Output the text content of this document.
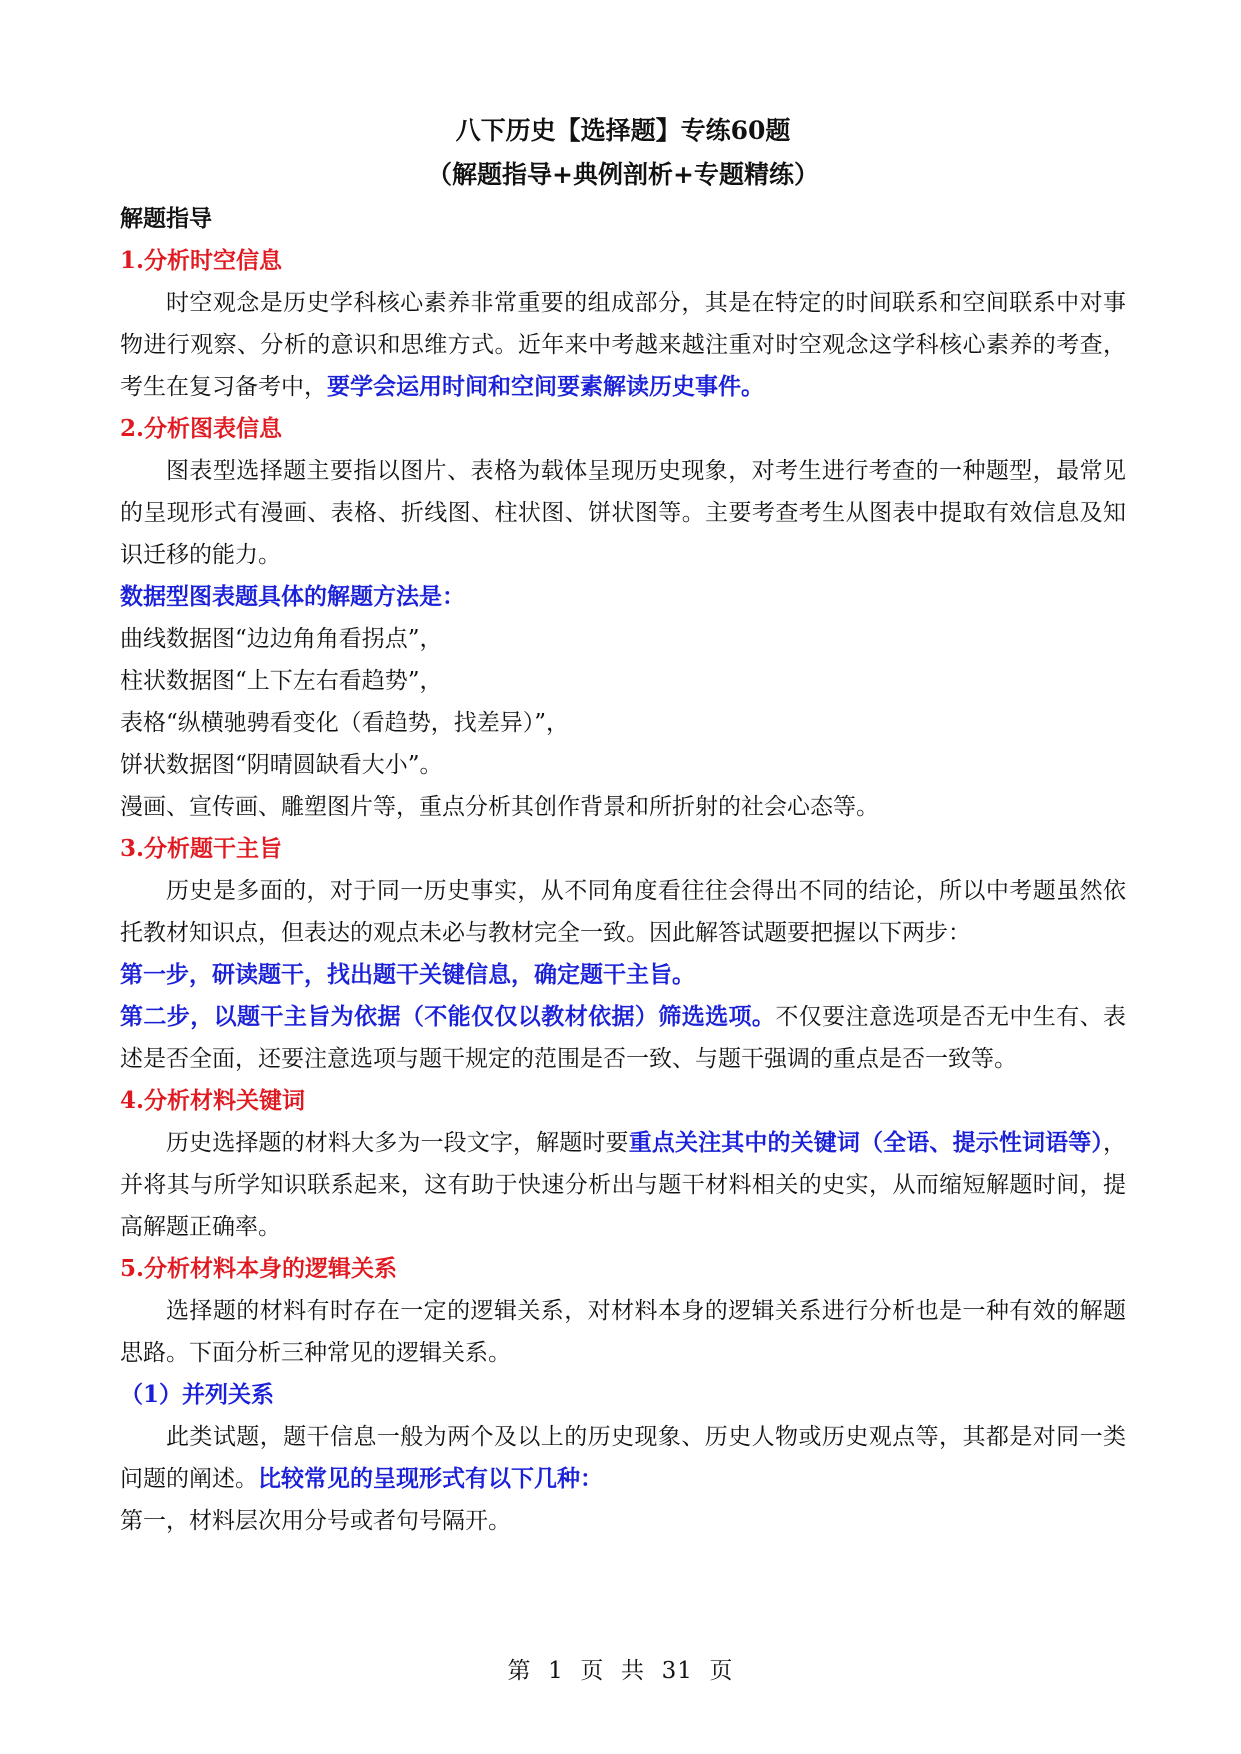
八下历史【选择题】专练60题

（解题指导+典例剖析+专题精练）

解题指导

1.分析时空信息

时空观念是历史学科核心素养非常重要的组成部分，其是在特定的时间联系和空间联系中对事物进行观察、分析的意识和思维方式。近年来中考越来越注重对时空观念这学科核心素养的考查，考生在复习备考中，要学会运用时间和空间要素解读历史事件。

2.分析图表信息

图表型选择题主要指以图片、表格为载体呈现历史现象，对考生进行考查的一种题型，最常见的呈现形式有漫画、表格、折线图、柱状图、饼状图等。主要考查考生从图表中提取有效信息及知识迁移的能力。

数据型图表题具体的解题方法是：

曲线数据图“边边角角看拐点”，

柱状数据图“上下左右看趋势”，

表格“纵横驰骋看变化（看趋势，找差异）”，

饼状数据图“阴晴圆缺看大小”。

漫画、宣传画、雕塑图片等，重点分析其创作背景和所折射的社会心态等。

3.分析题干主旨

历史是多面的，对于同一历史事实，从不同角度看往往会得出不同的结论，所以中考题虽然依托教材知识点，但表达的观点未必与教材完全一致。因此解答试题要把握以下两步：

第一步，研读题干，找出题干关键信息，确定题干主旨。

第二步，以题干主旨为依据（不能仅仅以教材依据）筛选选项。不仅要注意选项是否无中生有、表述是否全面，还要注意选项与题干规定的范围是否一致、与题干强调的重点是否一致等。

4.分析材料关键词

历史选择题的材料大多为一段文字，解题时要重点关注其中的关键词（全语、提示性词语等），并将其与所学知识联系起来，这有助于快速分析出与题干材料相关的史实，从而缩短解题时间，提高解题正确率。

5.分析材料本身的逻辑关系

选择题的材料有时存在一定的逻辑关系，对材料本身的逻辑关系进行分析也是一种有效的解题思路。下面分析三种常见的逻辑关系。

（1）并列关系

此类试题，题干信息一般为两个及以上的历史现象、历史人物或历史观点等，其都是对同一类问题的阐述。比较常见的呈现形式有以下几种：

第一，材料层次用分号或者句号隔开。

第  1  页  共  31  页
